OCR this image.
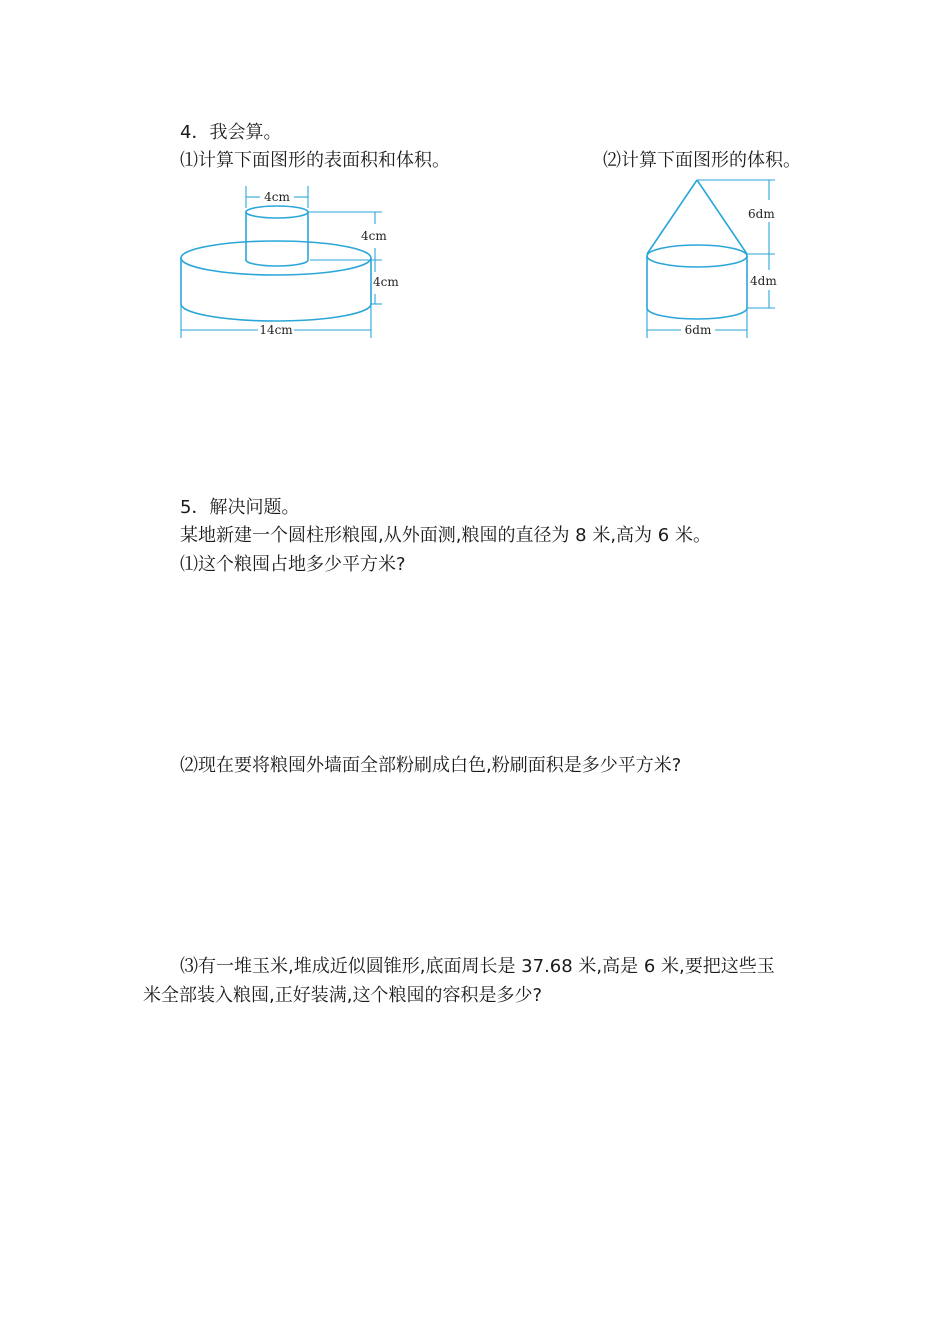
4．我会算。
⑴计算下面图形的表面积和体积。	⑵计算下面图形的体积。
4cm
4cm
4cm
14cm
6dm
4dm
6dm
5．解决问题。
某地新建一个圆柱形粮囤,从外面测,粮囤的直径为 8 米,高为 6 米。
⑴这个粮囤占地多少平方米?
⑵现在要将粮囤外墙面全部粉刷成白色,粉刷面积是多少平方米?
⑶有一堆玉米,堆成近似圆锥形,底面周长是 37.68 米,高是 6 米,要把这些玉
米全部装入粮囤,正好装满,这个粮囤的容积是多少?
